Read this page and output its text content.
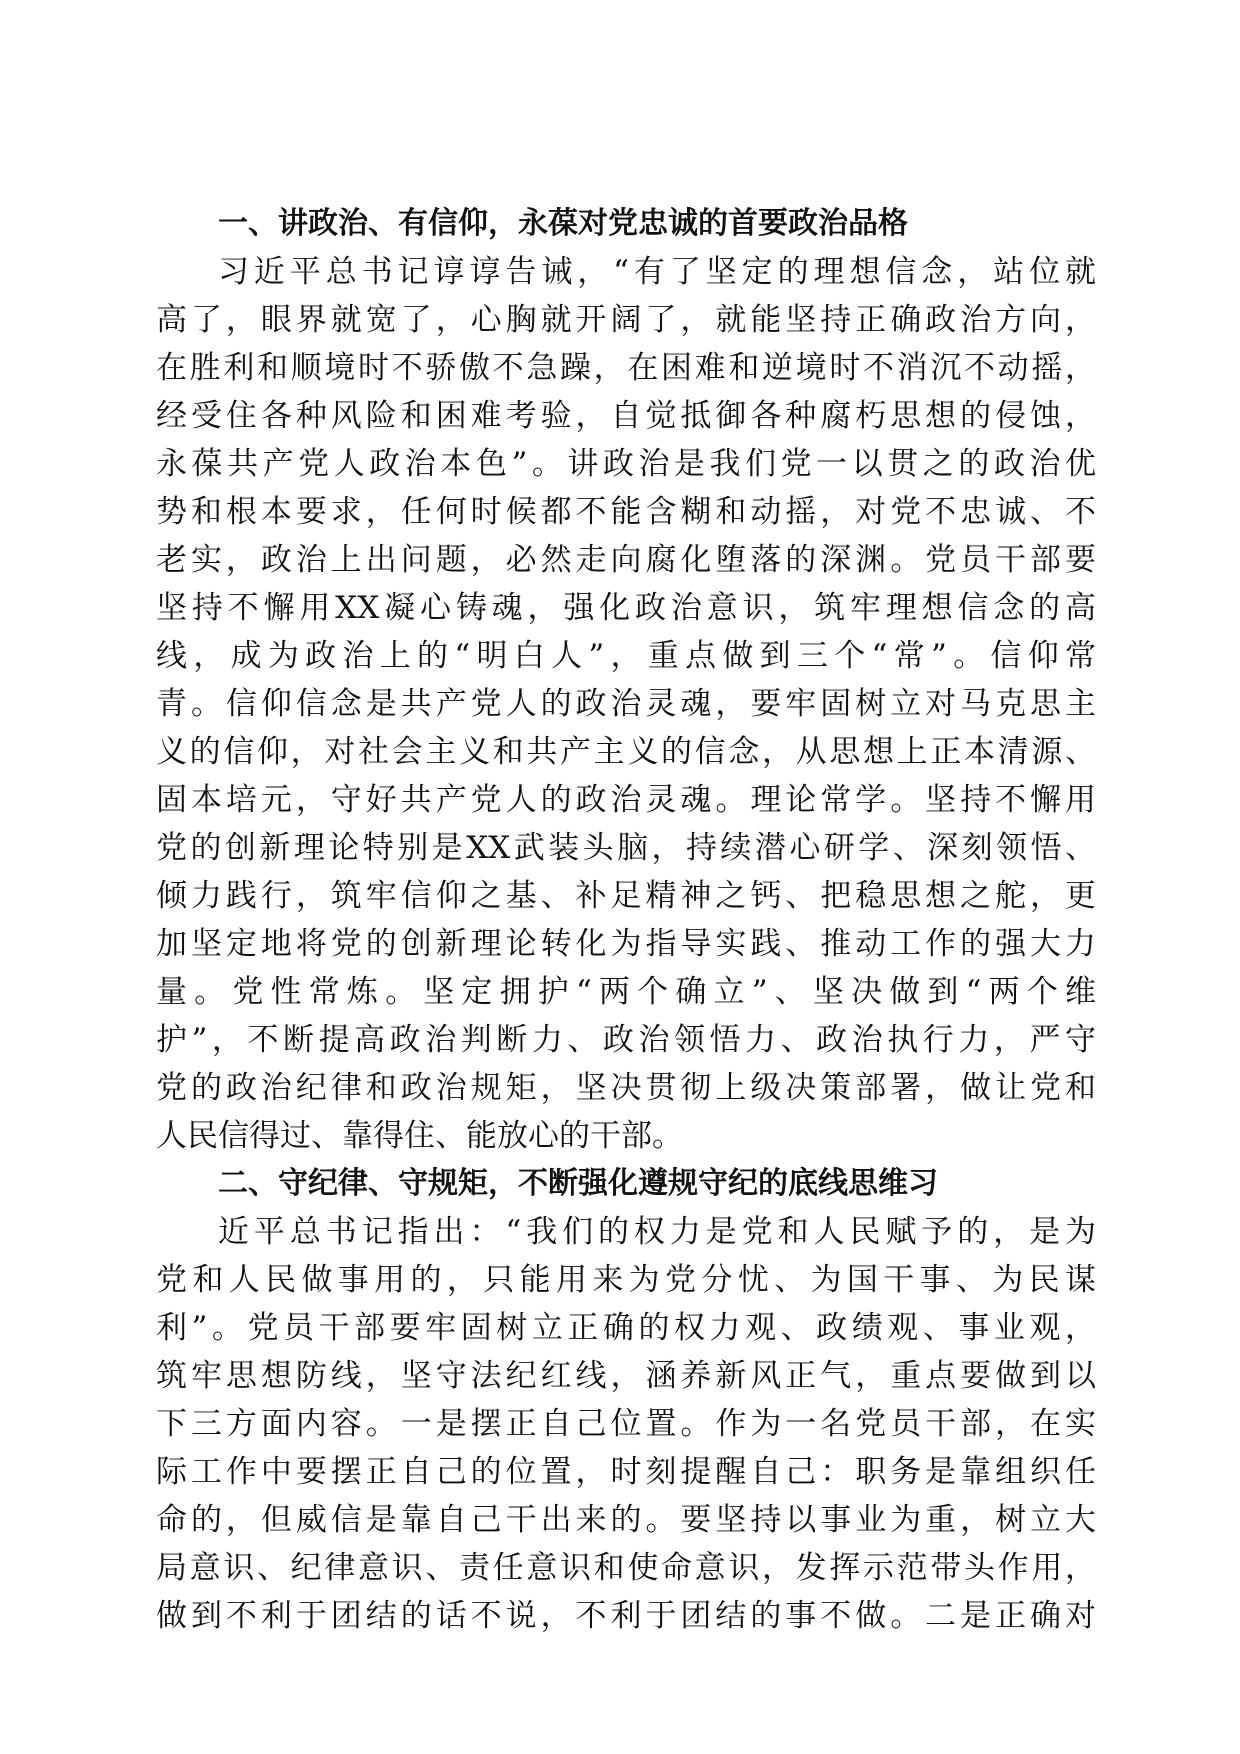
一、讲政治、有信仰，永葆对党忠诚的首要政治品格
习近平总书记谆谆告诫，“有了坚定的理想信念，站位就
高了，眼界就宽了，心胸就开阔了，就能坚持正确政治方向，
在胜利和顺境时不骄傲不急躁，在困难和逆境时不消沉不动摇，
经受住各种风险和困难考验，自觉抵御各种腐朽思想的侵蚀，
永葆共产党人政治本色”。讲政治是我们党一以贯之的政治优
势和根本要求，任何时候都不能含糊和动摇，对党不忠诚、不
老实，政治上出问题，必然走向腐化堕落的深渊。党员干部要
坚持不懈用XX凝心铸魂，强化政治意识，筑牢理想信念的高
线，成为政治上的“明白人”，重点做到三个“常”。信仰常
青。信仰信念是共产党人的政治灵魂，要牢固树立对马克思主
义的信仰，对社会主义和共产主义的信念，从思想上正本清源、
固本培元，守好共产党人的政治灵魂。理论常学。坚持不懈用
党的创新理论特别是XX武装头脑，持续潜心研学、深刻领悟、
倾力践行，筑牢信仰之基、补足精神之钙、把稳思想之舵，更
加坚定地将党的创新理论转化为指导实践、推动工作的强大力
量。党性常炼。坚定拥护“两个确立”、坚决做到“两个维
护”，不断提高政治判断力、政治领悟力、政治执行力，严守
党的政治纪律和政治规矩，坚决贯彻上级决策部署，做让党和
人民信得过、靠得住、能放心的干部。
二、守纪律、守规矩，不断强化遵规守纪的底线思维习
近平总书记指出：“我们的权力是党和人民赋予的，是为
党和人民做事用的，只能用来为党分忧、为国干事、为民谋
利”。党员干部要牢固树立正确的权力观、政绩观、事业观，
筑牢思想防线，坚守法纪红线，涵养新风正气，重点要做到以
下三方面内容。一是摆正自己位置。作为一名党员干部，在实
际工作中要摆正自己的位置，时刻提醒自己：职务是靠组织任
命的，但威信是靠自己干出来的。要坚持以事业为重，树立大
局意识、纪律意识、责任意识和使命意识，发挥示范带头作用，
做到不利于团结的话不说，不利于团结的事不做。二是正确对
